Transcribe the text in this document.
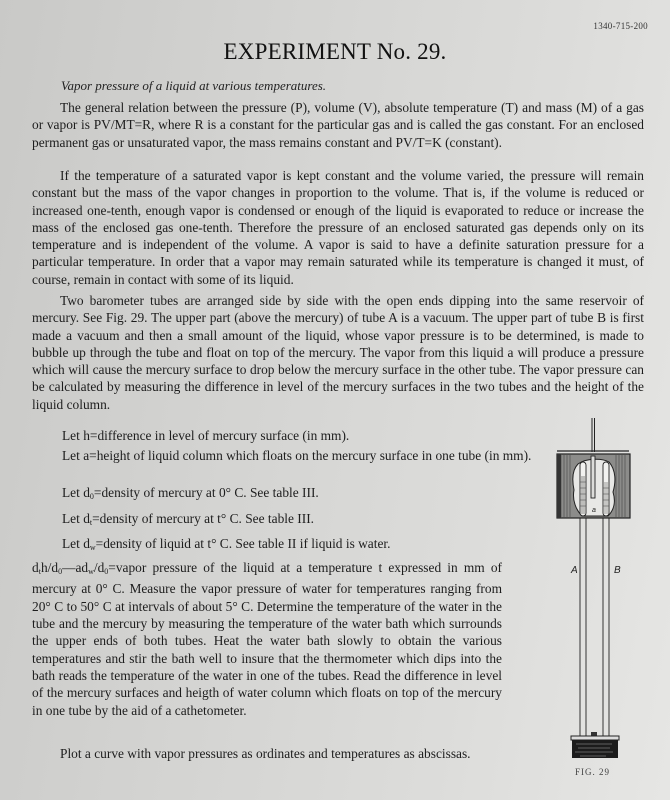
1340-715-200
EXPERIMENT No. 29.
Vapor pressure of a liquid at various temperatures.
The general relation between the pressure (P), volume (V), absolute temperature (T) and mass (M) of a gas or vapor is PV/MT=R, where R is a constant for the particular gas and is called the gas constant. For an enclosed permanent gas or unsaturated vapor, the mass remains constant and PV/T=K (constant).
If the temperature of a saturated vapor is kept constant and the volume varied, the pressure will remain constant but the mass of the vapor changes in proportion to the volume. That is, if the volume is reduced or increased one-tenth, enough vapor is condensed or enough of the liquid is evaporated to reduce or increase the mass of the enclosed gas one-tenth. Therefore the pressure of an enclosed saturated gas depends only on its temperature and is independent of the volume. A vapor is said to have a definite saturation pressure for a particular temperature. In order that a vapor may remain saturated while its temperature is changed it must, of course, remain in contact with some of its liquid.
Two barometer tubes are arranged side by side with the open ends dipping into the same reservoir of mercury. See Fig. 29. The upper part (above the mercury) of tube A is a vacuum. The upper part of tube B is first made a vacuum and then a small amount of the liquid, whose vapor pressure is to be determined, is made to bubble up through the tube and float on top of the mercury. The vapor from this liquid a will produce a pressure which will cause the mercury surface to drop below the mercury surface in the other tube. The vapor pressure can be calculated by measuring the difference in level of the mercury surfaces in the two tubes and the height of the liquid column.
Let h=difference in level of mercury surface (in mm).
Let a=height of liquid column which floats on the mercury surface in one tube (in mm).
Let $d_0=density$ of mercury at 0° C. See table III.
Let $d_t=density$ of mercury at t° C. See table III.
Let $d_w=density$ of liquid at t° C. See table II if liquid is water.
$d_th/d_0—ad_w/d_0=vapor$ pressure of the liquid at a temperature t expressed in mm of mercury at 0° C. Measure the vapor pressure of water for temperatures ranging from 20° C to 50° C at intervals of about 5° C. Determine the temperature of the water in the tube and the mercury by measuring the temperature of the water bath which surrounds the upper ends of both tubes. Heat the water bath slowly to obtain the various temperatures and stir the bath well to insure that the thermometer which dips into the bath reads the temperature of the water in one of the tubes. Read the difference in level of the mercury surfaces and heigth of water column which floats on top of the mercury in one tube by the aid of a cathetometer.
Plot a curve with vapor pressures as ordinates and temperatures as abscissas.
a
A	B
FIG. 29
